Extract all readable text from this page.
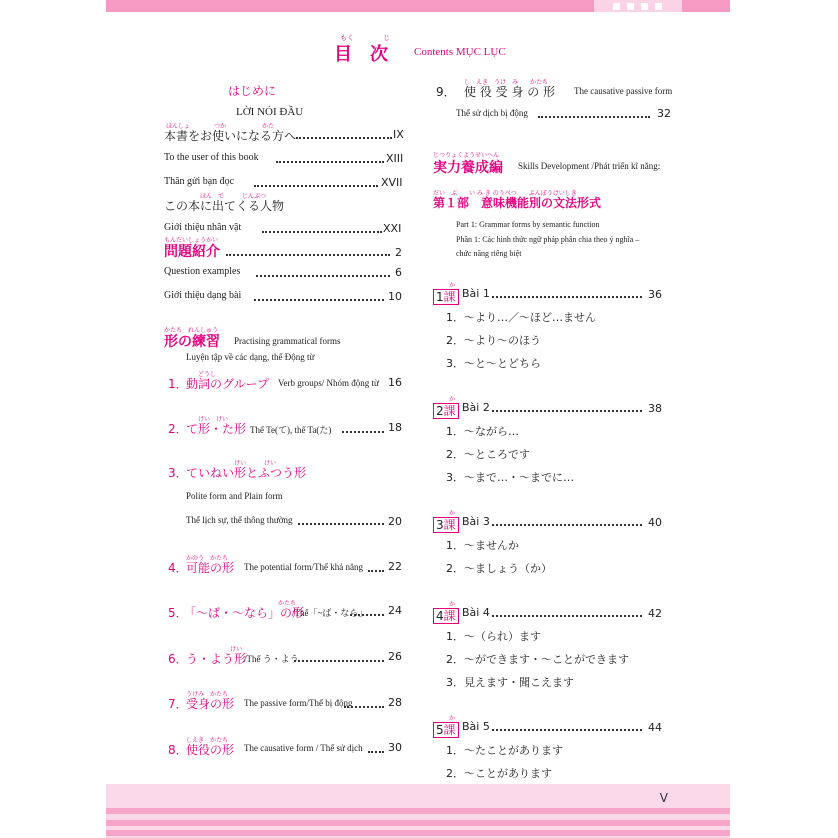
もく	じ
目　次 Contents MỤC LỤC
はじめに
LỜI NÓI ĐẦU
ほんしょ　　　　つか　　　　　　かた
本書をお使いになる方へ	IX
To the user of this book	XIII
Thân gửi bạn đọc	XVII
ほん　で　　　じんぶつ
この本に出てくる人物
Giới thiệu nhân vật	XXI
もんだいしょうかい
問題紹介	2
Question examples	6
Giới thiệu dạng bài	10
かたち　れんしゅう
形の練習 Practising grammatical forms
Luyện tập về các dạng, thể Động từ
どうし
1．
動詞のグループ Verb groups/ Nhóm động từ 16
けい　けい
2．
て形・た形 Thể Te(て), thể Ta(た)	18
けい　　　けい
3．
ていねい形とふつう形
Polite form and Plain form
Thể lịch sự, thể thông thường	20
かのう　かたち
4．
可能の形 The potential form/Thể khả năng 22
かたち
5．
「～ば・～なら」の形
/Thể「~ば・なら」 24
けい
6．
う・よう形
/Thể う・よう	26
うけみ　かたち
7．
受身の形 The passive form/Thể bị động	28
しえき　かたち
8．
使役の形 The causative form / Thể sử dịch 30
し　えき　うけ　み　　かたち
9． 使 役 受 身 の 形 The causative passive form
Thể sử dịch bị động	32
じつりょくようせいへん
実力養成編 Skills Development /Phát triển kĩ năng:
だい　ぶ　　い み き のうべつ　　ぶんぽうけいしき
第１部　意味機能別の文法形式
Part 1: Grammar forms by semantic function
Phần 1: Các hình thức ngữ pháp phân chia theo ý nghĩa –
chức năng riêng biệt
か
1課 Bài 1	36
1．～より…／～ほど…ません
2．～より～のほう
3．～と～とどちら
か
2課 Bài 2	38
1．～ながら…
2．～ところです
3．～まで…・～までに…
か
3課 Bài 3	40
1．～ませんか
2．～ましょう（か）
か
4課 Bài 4	42
1．～（られ）ます
2．～ができます・～ことができます
3．見えます・聞こえます
か
5課 Bài 5	44
1．～たことがあります
2．～ことがあります
V
